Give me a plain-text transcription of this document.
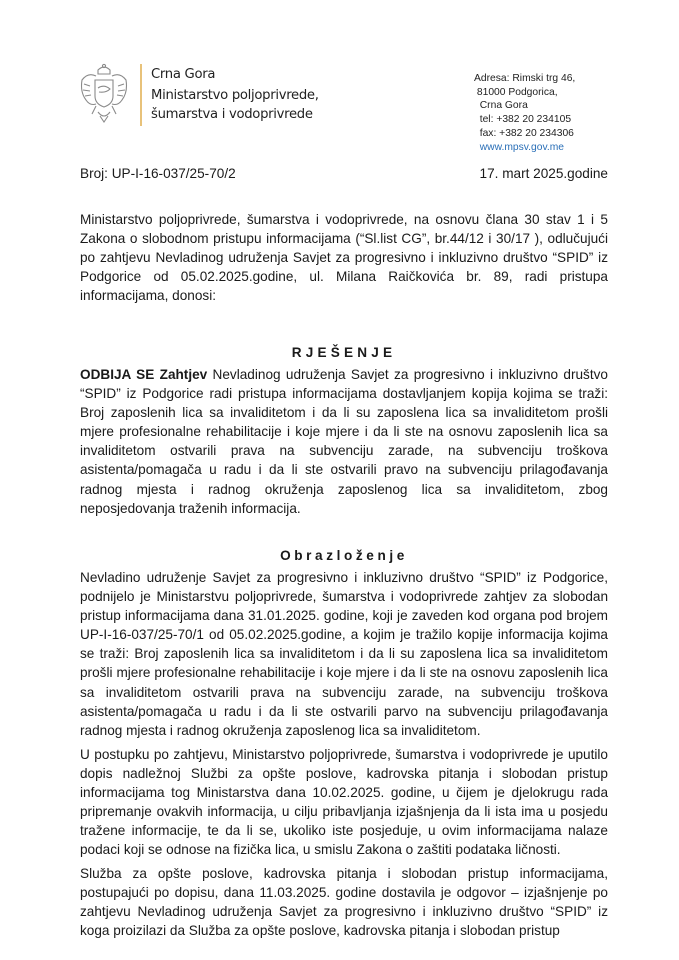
Crna Gora
Ministarstvo poljoprivrede,
šumarstva i vodoprivrede
Adresa: Rimski trg 46,
81000 Podgorica,
Crna Gora
tel: +382 20 234105
fax: +382 20 234306
www.mpsv.gov.me
Broj: UP-I-16-037/25-70/2	17. mart 2025.godine

Ministarstvo poljoprivrede, šumarstva i vodoprivrede, na osnovu člana 30 stav 1 i 5 Zakona o slobodnom pristupu informacijama (“Sl.list CG”, br.44/12 i 30/17 ), odlučujući po zahtjevu Nevladinog udruženja Savjet za progresivno i inkluzivno društvo “SPID” iz Podgorice od 05.02.2025.godine, ul. Milana Raičkovića br. 89, radi pristupa informacijama, donosi:

RJEŠENJE

ODBIJA SE Zahtjev Nevladinog udruženja Savjet za progresivno i inkluzivno društvo “SPID” iz Podgorice radi pristupa informacijama dostavljanjem kopija kojima se traži: Broj zaposlenih lica sa invaliditetom i da li su zaposlena lica sa invaliditetom prošli mjere profesionalne rehabilitacije i koje mjere i da li ste na osnovu zaposlenih lica sa invaliditetom ostvarili prava na subvenciju zarade, na subvenciju troškova asistenta/pomagača u radu i da li ste ostvarili pravo na subvenciju prilagođavanja radnog mjesta i radnog okruženja zaposlenog lica sa invaliditetom, zbog neposjedovanja traženih informacija.

Obrazloženje

Nevladino udruženje Savjet za progresivno i inkluzivno društvo “SPID” iz Podgorice, podnijelo je Ministarstvu poljoprivrede, šumarstva i vodoprivrede zahtjev za slobodan pristup informacijama dana 31.01.2025. godine, koji je zaveden kod organa pod brojem UP-I-16-037/25-70/1 od 05.02.2025.godine, a kojim je tražilo kopije informacija kojima se traži: Broj zaposlenih lica sa invaliditetom i da li su zaposlena lica sa invaliditetom prošli mjere profesionalne rehabilitacije i koje mjere i da li ste na osnovu zaposlenih lica sa invaliditetom ostvarili prava na subvenciju zarade, na subvenciju troškova asistenta/pomagača u radu i da li ste ostvarili parvo na subvenciju prilagođavanja radnog mjesta i radnog okruženja zaposlenog lica sa invaliditetom.

U postupku po zahtjevu, Ministarstvo poljoprivrede, šumarstva i vodoprivrede je uputilo dopis nadležnoj Službi za opšte poslove, kadrovska pitanja i slobodan pristup informacijama tog Ministarstva dana 10.02.2025. godine, u čijem je djelokrugu rada pripremanje ovakvih informacija, u cilju pribavljanja izjašnjenja da li ista ima u posjedu tražene informacije, te da li se, ukoliko iste posjeduje, u ovim informacijama nalaze podaci koji se odnose na fizička lica, u smislu Zakona o zaštiti podataka ličnosti.

Služba za opšte poslove, kadrovska pitanja i slobodan pristup informacijama, postupajući po dopisu, dana 11.03.2025. godine dostavila je odgovor – izjašnjenje po zahtjevu Nevladinog udruženja Savjet za progresivno i inkluzivno društvo “SPID” iz koga proizilazi da Služba za opšte poslove, kadrovska pitanja i slobodan pristup
